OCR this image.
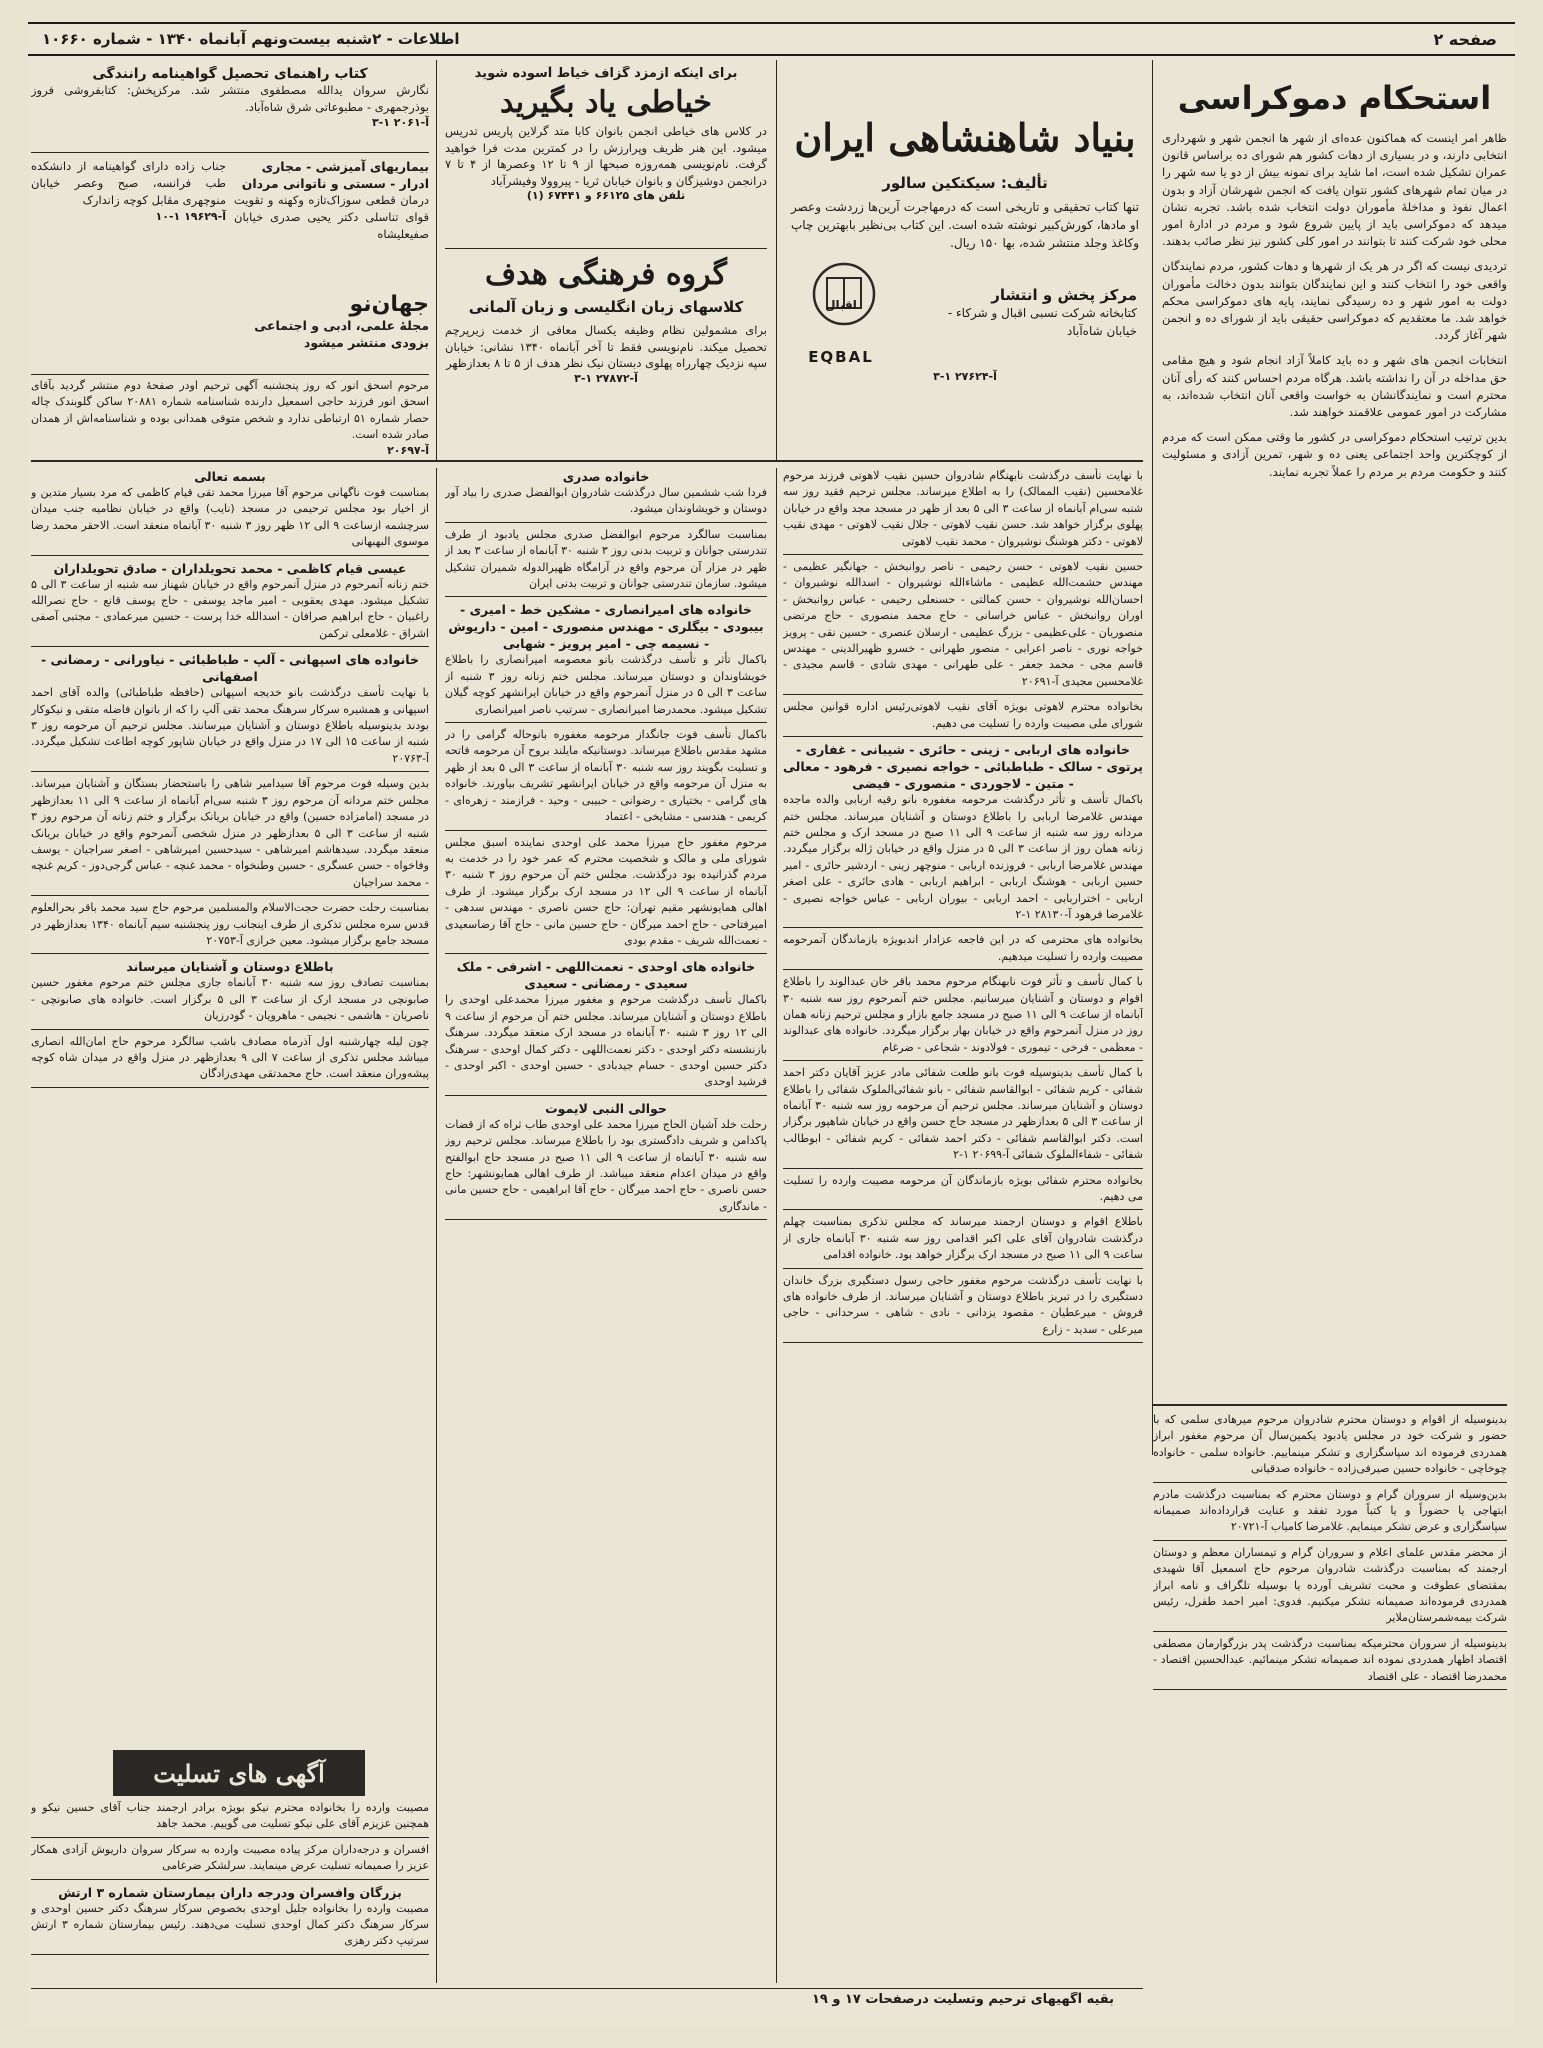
صفحه ۲
اطلاعات - ۲شنبه بیست‌ونهم آبانماه ۱۳۴۰ - شماره ۱۰۶۶۰
استحکام دموکراسی
ظاهر امر اینست که هماکنون عده‌ای از شهر ها انجمن شهر و شهرداری انتخابی دارند، و در بسیاری از دهات کشور هم شورای ده براساس قانون عمران تشکیل شده است، اما شاید برای نمونه بیش از دو یا سه شهر را در میان تمام شهرهای کشور نتوان یافت که انجمن شهرشان آزاد و بدون اعمال نفوذ و مداخلهٔ مأموران دولت انتخاب شده باشد. تجربه نشان میدهد که دموکراسی باید از پایین شروع شود و مردم در ادارهٔ امور محلی خود شرکت کنند تا بتوانند در امور کلی کشور نیز نظر صائب بدهند.
تردیدی نیست که اگر در هر یک از شهرها و دهات کشور، مردم نمایندگان واقعی خود را انتخاب کنند و این نمایندگان بتوانند بدون دخالت مأموران دولت به امور شهر و ده رسیدگی نمایند، پایه های دموکراسی محکم خواهد شد. ما معتقدیم که دموکراسی حقیقی باید از شورای ده و انجمن شهر آغاز گردد.
انتخابات انجمن های شهر و ده باید کاملاً آزاد انجام شود و هیچ مقامی حق مداخله در آن را نداشته باشد. هرگاه مردم احساس کنند که رأی آنان محترم است و نمایندگانشان به خواست واقعی آنان انتخاب شده‌اند، به مشارکت در امور عمومی علاقمند خواهند شد.
بدین ترتیب استحکام دموکراسی در کشور ما وقتی ممکن است که مردم از کوچکترین واحد اجتماعی یعنی ده و شهر، تمرین آزادی و مسئولیت کنند و حکومت مردم بر مردم را عملاً تجربه نمایند.
بنیاد شاهنشاهی ایران
تألیف: سیکتکین سالور
تنها کتاب تحقیقی و تاریخی است که درمهاجرت آرین‌ها زردشت وعصر او ماد‌ها، کورش‌کبیر نوشته شده است. این کتاب بی‌نظیر بابهترین چاپ وکاغذ وجلد منتشر شده، بها ۱۵۰ ریال.
مرکز پخش و انتشار
کتابخانه شرکت نسبی اقبال و شرکاء - خیابان شاه‌آباد
اقبال
EQBAL
آ-۲۷۶۲۴ ۱-۳
برای اینکه ازمزد گزاف خیاط آسوده شوید
خیاطی یاد بگیرید
در کلاس های خیاطی انجمن بانوان کابا متد گرلاین پاریس تدریس میشود. این هنر ظریف وپرارزش را در کمترین مدت فرا خواهید گرفت. نام‌نویسی همه‌روزه صبحها از ۹ تا ۱۲ وعصرها از ۴ تا ۷ درانجمن دوشیزگان و بانوان خیابان ثریا - پیروولا وفیشرآباد
تلفن های ۶۶۱۲۵ و ۶۷۴۴۱ (۱)
گروه فرهنگی هدف
کلاسهای زبان انگلیسی و زبان آلمانی
برای مشمولین نظام وظیفه یکسال معافی از خدمت زیرپرچم تحصیل میکند. نام‌نویسی فقط تا آخر آبانماه ۱۳۴۰ نشانی: خیابان سپه نزدیک چهارراه پهلوی دبستان نیک نظر هدف از ۵ تا ۸ بعدازظهر
آ-۲۷۸۷۲ ۱-۳
کتاب راهنمای تحصیل گواهینامه رانندگی
نگارش سروان یدالله مصطفوی منتشر شد. مرکزپخش: کتابفروشی فروز بوذرجمهری - مطبوعاتی شرق شاه‌آباد.
آ-۲۰۶۱ ۱-۳
بیماریهای آمیزشی - مجاری ادرار - سستی و ناتوانی مردان
درمان قطعی سوزاک‌تازه وکهنه و تقویت قوای تناسلی دکتر یحیی صدری خیابان صفیعلیشاه
جناب زاده دارای گواهینامه از دانشکده طب فرانسه، صبح وعصر خیابان منوچهری مقابل کوچه زاندارک
آ-۱۹۶۲۹ ۱-۱۰
جهان‌نو
مجلهٔ علمی، ادبی و اجتماعی بزودی منتشر میشود
مرحوم اسحق انور که روز پنجشنبه آگهی ترحیم اودر صفحهٔ دوم منتشر گردید بآقای اسحق انور فرزند حاجی اسمعیل دارنده شناسنامه شماره ۲۰۸۸۱ ساکن گلوبندک چاله حصار شماره ۵۱ ارتباطی ندارد و شخص متوفی همدانی بوده و شناسنامه‌اش از همدان صادر شده است.
آ-۲۰۶۹۷
با نهایت تأسف درگذشت نابهنگام شادروان حسین نقیب لاهوتی فرزند مرحوم غلامحسین (نقیب الممالک) را به اطلاع میرساند. مجلس ترحیم فقید روز سه شنبه سی‌ام آبانماه از ساعت ۳ الی ۵ بعد از ظهر در مسجد مجد واقع در خیابان پهلوی برگزار خواهد شد. حسن نقیب لاهوتی - جلال نقیب لاهوتی - مهدی نقیب لاهوتی - دکتر هوشنگ نوشیروان - محمد نقیب لاهوتی
حسین نقیب لاهوتی - حسن رحیمی - ناصر روانبخش - جهانگیر عظیمی - مهندس حشمت‌الله عظیمی - ماشاءالله نوشیروان - اسدالله نوشیروان - احسان‌الله نوشیروان - حسن کمالتی - حسنعلی رحیمی - عباس روانبخش - اوران روانبخش - عباس خراسانی - حاج محمد منصوری - حاج مرتضی منصوریان - علی‌عظیمی - بزرگ عظیمی - ارسلان عنصری - حسین نقی - پرویز خواجه نوری - ناصر اعرابی - منصور طهرانی - خسرو ظهیرالدینی - مهندس قاسم مجی - محمد جعفر - علی طهرانی - مهدی شادی - قاسم مجیدی - غلامحسین مجیدی آ-۲۰۶۹۱
بخانواده محترم لاهوتی بویژه آقای نقیب لاهوتی‌رئیس اداره قوانین مجلس شورای ملی مصیبت وارده را تسلیت می دهیم.
خانواده های اربابی - زینی - حائری - شیبانی - غفاری - پرتوی - سالک - طباطبائی - خواجه نصیری - فرهود - معالی - متین - لاجوردی - منصوری - فیضی
باکمال تأسف و تأثر درگذشت مرحومه مغفوره بانو رقیه اربابی والده ماجده مهندس غلامرضا اربابی را باطلاع دوستان و آشنایان میرساند. مجلس ختم مردانه روز سه شنبه از ساعت ۹ الی ۱۱ صبح در مسجد ارک و مجلس ختم زنانه همان روز از ساعت ۳ الی ۵ در منزل واقع در خیابان ژاله برگزار میگردد. مهندس غلامرضا اربابی - فروزنده اربابی - منوچهر زینی - اردشیر حائری - امیر حسین اربابی - هوشنگ اربابی - ابراهیم اربابی - هادی حائری - علی اصغر اربابی - اختراربابی - احمد اربابی - بیوران اربابی - عباس خواجه نصیری - غلامرضا فرهود آ-۲۸۱۳۰ ۱-۲
بخانواده های محترمی که در این فاجعه عزادار اندبویژه بازماندگان آنمرحومه مصیبت وارده را تسلیت میدهیم.
با کمال تأسف و تأثر فوت نابهنگام مرحوم محمد باقر خان عبدالوند را باطلاع اقوام و دوستان و آشنایان میرسانیم. مجلس ختم آنمرحوم روز سه شنبه ۳۰ آبانماه از ساعت ۹ الی ۱۱ صبح در مسجد جامع بازار و مجلس ترحیم زنانه همان روز در منزل آنمرحوم واقع در خیابان بهار برگزار میگردد. خانواده های عبدالوند - معظمی - فرخی - تیموری - فولادوند - شجاعی - ضرغام
با کمال تأسف بدینوسیله فوت بانو طلعت شفائی مادر عزیز آقایان دکتر احمد شفائی - کریم شفائی - ابوالقاسم شفائی - بانو شفائی‌الملوک شفائی را باطلاع دوستان و آشنایان میرساند. مجلس ترحیم آن مرحومه روز سه شنبه ۳۰ آبانماه از ساعت ۳ الی ۵ بعدازظهر در مسجد حاج حسن واقع در خیابان شاهپور برگزار است. دکتر ابوالقاسم شفائی - دکتر احمد شفائی - کریم شفائی - ابوطالب شفائی - شفاءالملوک شفائی آ-۲۰۶۹۹ ۱-۲
بخانواده محترم شفائی بویژه بازماندگان آن مرحومه مصیبت وارده را تسلیت می دهیم.
باطلاع اقوام و دوستان ارجمند میرساند که مجلس تذکری بمناسبت چهلم درگذشت شادروان آقای علی اکبر اقدامی روز سه شنبه ۳۰ آبانماه جاری از ساعت ۹ الی ۱۱ صبح در مسجد ارک برگزار خواهد بود. خانواده اقدامی
با نهایت تأسف درگذشت مرحوم مغفور حاجی رسول دستگیری بزرگ خاندان دستگیری را در تبریز باطلاع دوستان و آشنایان میرساند. از طرف خانواده های فروش - میرعطیان - مقصود یزدانی - نادی - شاهی - سرحدانی - حاجی میرعلی - سدید - زارع
خانواده صدری
فردا شب ششمین سال درگذشت شادروان ابوالفضل صدری را بیاد آور دوستان و خویشاوندان میشود.
بمناسبت سالگرد مرحوم ابوالفضل صدری مجلس یادبود از طرف تندرستی جوانان و تربیت بدنی روز ۳ شنبه ۳۰ آبانماه از ساعت ۳ بعد از ظهر در مزار آن مرحوم واقع در آرامگاه ظهیرالدوله شمیران تشکیل میشود. سازمان تندرستی جوانان و تربیت بدنی ایران
خانواده های امیرانصاری - مشکین خط - امیری - بیبودی - بیگلری - مهندس منصوری - امین - داریوش - نسیمه چی - امیر پرویز - شهابی
باکمال تأثر و تأسف درگذشت بانو معصومه امیرانصاری را باطلاع خویشاوندان و دوستان میرساند. مجلس ختم زنانه روز ۳ شنبه از ساعت ۳ الی ۵ در منزل آنمرحوم واقع در خیابان ایرانشهر کوچه گیلان تشکیل میشود. محمدرضا امیرانصاری - سرتیپ ناصر امیرانصاری
باکمال تأسف فوت جانگداز مرحومه مغفوره بانوحاله گرامی را در مشهد مقدس باطلاع میرساند. دوستانیکه مایلند بروح آن مرحومه فاتحه و تسلیت بگویند روز سه شنبه ۳۰ آبانماه از ساعت ۳ الی ۵ بعد از ظهر به منزل آن مرحومه واقع در خیابان ایرانشهر تشریف بیاورند. خانواده های گرامی - بختیاری - رضوانی - حبیبی - وحید - فرازمند - زهره‌ای - کریمی - هندسی - مشایخی - اعتماد
مرحوم مغفور حاج میرزا محمد علی اوحدی نماینده اسبق مجلس شورای ملی و مالک و شخصیت محترم که عمر خود را در خدمت به مردم گذرانیده بود درگذشت. مجلس ختم آن مرحوم روز ۳ شنبه ۳۰ آبانماه از ساعت ۹ الی ۱۲ در مسجد ارک برگزار میشود. از طرف اهالی همایونشهر مقیم تهران: حاج حسن ناصری - مهندس سدهی - امیرفتاحی - حاج احمد میرگان - حاج حسین مانی - حاج آقا رضاسعیدی - نعمت‌الله شریف - مقدم بودی
خانواده های اوحدی - نعمت‌اللهی - اشرفی - ملک سعیدی - رمضانی - سعیدی
باکمال تأسف درگذشت مرحوم و مغفور میرزا محمدعلی اوحدی را باطلاع دوستان و آشنایان میرساند. مجلس ختم آن مرحوم از ساعت ۹ الی ۱۲ روز ۳ شنبه ۳۰ آبانماه در مسجد ارک منعقد میگردد. سرهنگ بازنشسته دکتر اوحدی - دکتر نعمت‌اللهی - دکتر کمال اوحدی - سرهنگ دکتر حسین اوحدی - حسام جیدبادی - حسین اوحدی - اکبر اوحدی - فرشید اوحدی
حوالی النبی لایموت
رحلت خلد آشیان الحاج میرزا محمد علی اوحدی طاب ثراه که از قضات پاکدامن و شریف دادگستری بود را باطلاع میرساند. مجلس ترحیم روز سه شنبه ۳۰ آبانماه از ساعت ۹ الی ۱۱ صبح در مسجد حاج ابوالفتح واقع در میدان اعدام منعقد میباشد. از طرف اهالی همایونشهر: حاج حسن ناصری - حاج احمد میرگان - حاج آقا ابراهیمی - حاج حسین مانی - ماندگاری
بسمه تعالی
بمناسبت فوت ناگهانی مرحوم آقا میرزا محمد تقی قیام کاظمی که مرد بسیار متدین و از اخیار بود مجلس ترحیمی در مسجد (نایب) واقع در خیابان نظامیه جنب میدان سرچشمه ازساعت ۹ الی ۱۲ ظهر روز ۳ شنبه ۳۰ آبانماه منعقد است. الاحقر محمد رضا موسوی البهبهانی
عیسی قیام کاظمی - محمد تحویلداران - صادق تحویلداران
ختم زنانه آنمرحوم در منزل آنمرحوم واقع در خیابان شهناز سه شنبه از ساعت ۳ الی ۵ تشکیل میشود. مهدی یعقوبی - امیر ماجد یوسفی - حاج یوسف قانع - حاج نصرالله راغبیان - حاج ابراهیم صرافان - اسدالله خدا پرست - حسین میرعمادی - مجتبی آصفی اشراق - غلامعلی ترکمن
خانواده های اسپهانی - آلپ - طباطبائی - نیاورانی - رمضانی - اصفهانی
با نهایت تأسف درگذشت بانو خدیجه اسپهانی (حافظه طباطبائی) والده آقای احمد اسپهانی و همشیره سرکار سرهنگ محمد تقی آلپ را که از بانوان فاضله متقی و نیکوکار بودند بدینوسیله باطلاع دوستان و آشنایان میرسانند. مجلس ترحیم آن مرحومه روز ۳ شنبه از ساعت ۱۵ الی ۱۷ در منزل واقع در خیابان شاپور کوچه اطاعت تشکیل میگردد. آ-۲۰۷۶۳
بدین وسیله فوت مرحوم آقا سیدامیر شاهی را باستحضار بستگان و آشنایان میرساند. مجلس ختم مردانه آن مرحوم روز ۳ شنبه سی‌ام آبانماه از ساعت ۹ الی ۱۱ بعدازظهر در مسجد (امامزاده حسین) واقع در خیابان بریانک برگزار و ختم زنانه آن مرحوم روز ۳ شنبه از ساعت ۳ الی ۵ بعدازظهر در منزل شخصی آنمرحوم واقع در خیابان بریانک منعقد میگردد. سیدهاشم امیرشاهی - سیدحسین امیرشاهی - اصغر سراجیان - یوسف وفاخواه - حسن عسگری - حسین وطنخواه - محمد غنچه - عباس گرجی‌دوز - کریم غنچه - محمد سراجیان
بمناسبت رحلت حضرت حجت‌الاسلام والمسلمین مرحوم حاج سید محمد باقر بحرالعلوم قدس سره مجلس تذکری از طرف اینجانب روز پنجشنبه سیم آبانماه ۱۳۴۰ بعدازظهر در مسجد جامع برگزار میشود. معین خرازی آ-۲۰۷۵۳
باطلاع دوستان و آشنایان میرساند
بمناسبت تصادف روز سه شنبه ۳۰ آبانماه جاری مجلس ختم مرحوم مغفور حسین صابونچی در مسجد ارک از ساعت ۳ الی ۵ برگزار است. خانواده های صابونچی - ناصریان - هاشمی - نجیمی - ماهرویان - گودرزیان
چون لیله چهارشنبه اول آذرماه مصادف باشب سالگرد مرحوم حاج امان‌الله انصاری میباشد مجلس تذکری از ساعت ۷ الی ۹ بعدازظهر در منزل واقع در میدان شاه کوچه پیشه‌وران منعقد است. حاج محمدتقی مهدی‌زادگان
آگهی های تسلیت
مصیبت وارده را بخانواده محترم نیکو بویژه برادر ارجمند جناب آقای حسین نیکو و همچنین عزیزم آقای علی نیکو تسلیت می گوییم. محمد جاهد
افسران و درجه‌داران مرکز پیاده مصیبت وارده به سرکار سروان داریوش آزادی همکار عزیز را صمیمانه تسلیت عرض مینمایند. سرلشکر ضرغامی
بزرگان وافسران ودرجه داران بیمارستان شماره ۳ ارتش
مصیبت وارده را بخانواده جلیل اوحدی بخصوص سرکار سرهنگ دکتر حسین اوحدی و سرکار سرهنگ دکتر کمال اوحدی تسلیت می‌دهند. رئیس بیمارستان شماره ۳ ارتش سرتیپ دکتر رهزی
بدینوسیله از اقوام و دوستان محترم شادروان مرحوم میرهادی سلمی که با حضور و شرکت خود در مجلس یادبود یکمین‌سال آن مرحوم مغفور ابراز همدردی فرموده اند سپاسگزاری و تشکر مینماییم. خانواده سلمی - خانواده چوخاچی - خانواده حسین صیرفی‌زاده - خانواده صدقیانی
بدین‌وسیله از سروران گرام و دوستان محترم که بمناسبت درگذشت مادرم ابتهاجی یا حضوراً و یا کتباً مورد تفقد و عنایت قرارداده‌اند صمیمانه سپاسگزاری و عرض تشکر مینمایم. غلامرضا کامیاب آ-۲۰۷۲۱
از محضر مقدس علمای اعلام و سروران گرام و تیمساران معظم و دوستان ارجمند که بمناسبت درگذشت شادروان مرحوم حاج اسمعیل آقا شهیدی بمقتضای عطوفت و محبت تشریف آورده یا بوسیله تلگراف و نامه ابراز همدردی فرموده‌اند صمیمانه تشکر میکنیم. فدوی: امیر احمد طفرل، رئیس شرکت بیمه‌شمرستان‌ملایر
بدینوسیله از سروران محترمیکه بمناسبت درگذشت پدر بزرگوارمان مصطفی اقتصاد اظهار همدردی نموده اند صمیمانه تشکر مینمائیم. عبدالحسین اقتصاد - محمدرضا اقتصاد - علی اقتصاد
بقیه آگهیهای ترحیم وتسلیت درصفحات ۱۷ و ۱۹
